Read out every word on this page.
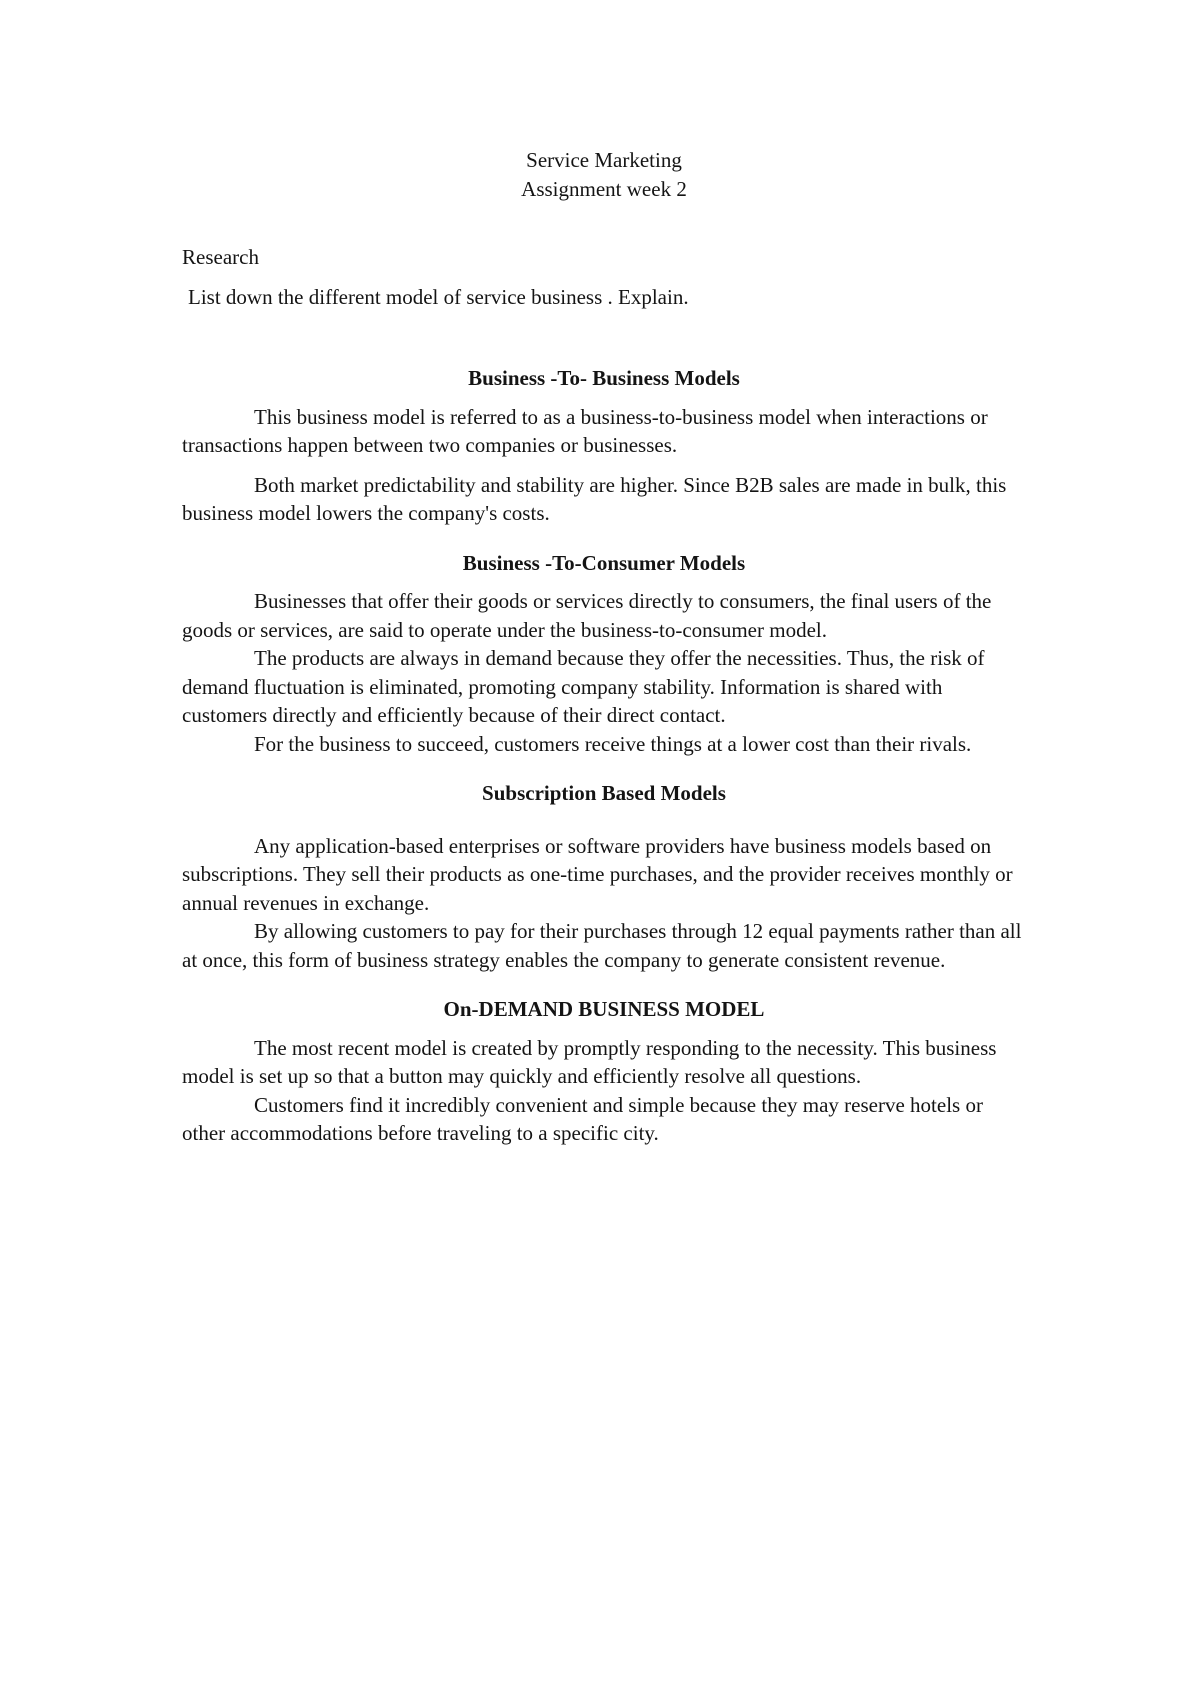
Service Marketing

Assignment week 2

Research

List down the different model of service business . Explain.

Business -To- Business Models

This business model is referred to as a business-to-business model when interactions or transactions happen between two companies or businesses.

Both market predictability and stability are higher. Since B2B sales are made in bulk, this business model lowers the company's costs.

Business -To-Consumer Models

Businesses that offer their goods or services directly to consumers, the final users of the goods or services, are said to operate under the business-to-consumer model.

The products are always in demand because they offer the necessities. Thus, the risk of demand fluctuation is eliminated, promoting company stability. Information is shared with customers directly and efficiently because of their direct contact.

For the business to succeed, customers receive things at a lower cost than their rivals.

Subscription Based Models

Any application-based enterprises or software providers have business models based on subscriptions. They sell their products as one-time purchases, and the provider receives monthly or annual revenues in exchange.

By allowing customers to pay for their purchases through 12 equal payments rather than all at once, this form of business strategy enables the company to generate consistent revenue.

On-DEMAND BUSINESS MODEL

The most recent model is created by promptly responding to the necessity. This business model is set up so that a button may quickly and efficiently resolve all questions.

Customers find it incredibly convenient and simple because they may reserve hotels or other accommodations before traveling to a specific city.
